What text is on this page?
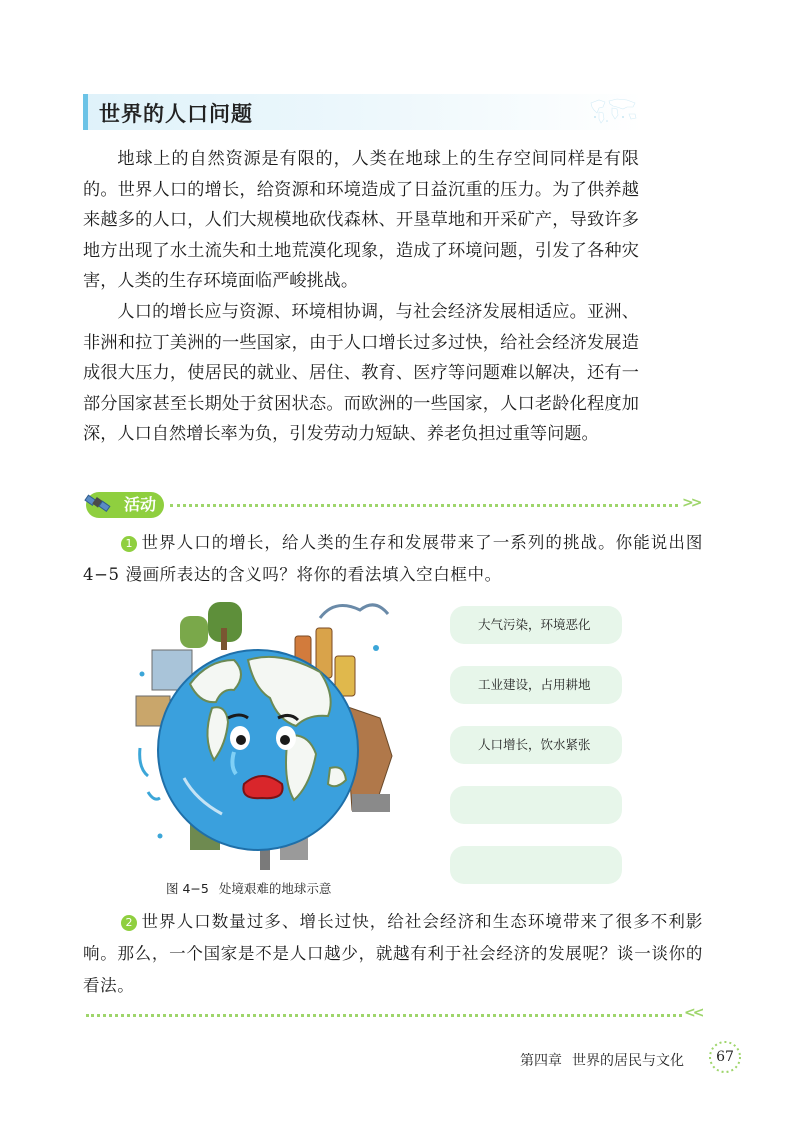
世界的人口问题

地球上的自然资源是有限的，人类在地球上的生存空间同样是有限的。世界人口的增长，给资源和环境造成了日益沉重的压力。为了供养越来越多的人口，人们大规模地砍伐森林、开垦草地和开采矿产，导致许多地方出现了水土流失和土地荒漠化现象，造成了环境问题，引发了各种灾害，人类的生存环境面临严峻挑战。

人口的增长应与资源、环境相协调，与社会经济发展相适应。亚洲、非洲和拉丁美洲的一些国家，由于人口增长过多过快，给社会经济发展造成很大压力，使居民的就业、居住、教育、医疗等问题难以解决，还有一部分国家甚至长期处于贫困状态。而欧洲的一些国家，人口老龄化程度加深，人口自然增长率为负，引发劳动力短缺、养老负担过重等问题。

活动	>>

1 世界人口的增长，给人类的生存和发展带来了一系列的挑战。你能说出图 4−5 漫画所表达的含义吗？将你的看法填入空白框中。

图 4−5 处境艰难的地球示意
大气污染，环境恶化
工业建设，占用耕地
人口增长，饮水紧张

2 世界人口数量过多、增长过快，给社会经济和生态环境带来了很多不利影响。那么，一个国家是不是人口越少，就越有利于社会经济的发展呢？谈一谈你的看法。

<<
第四章 世界的居民与文化	67
